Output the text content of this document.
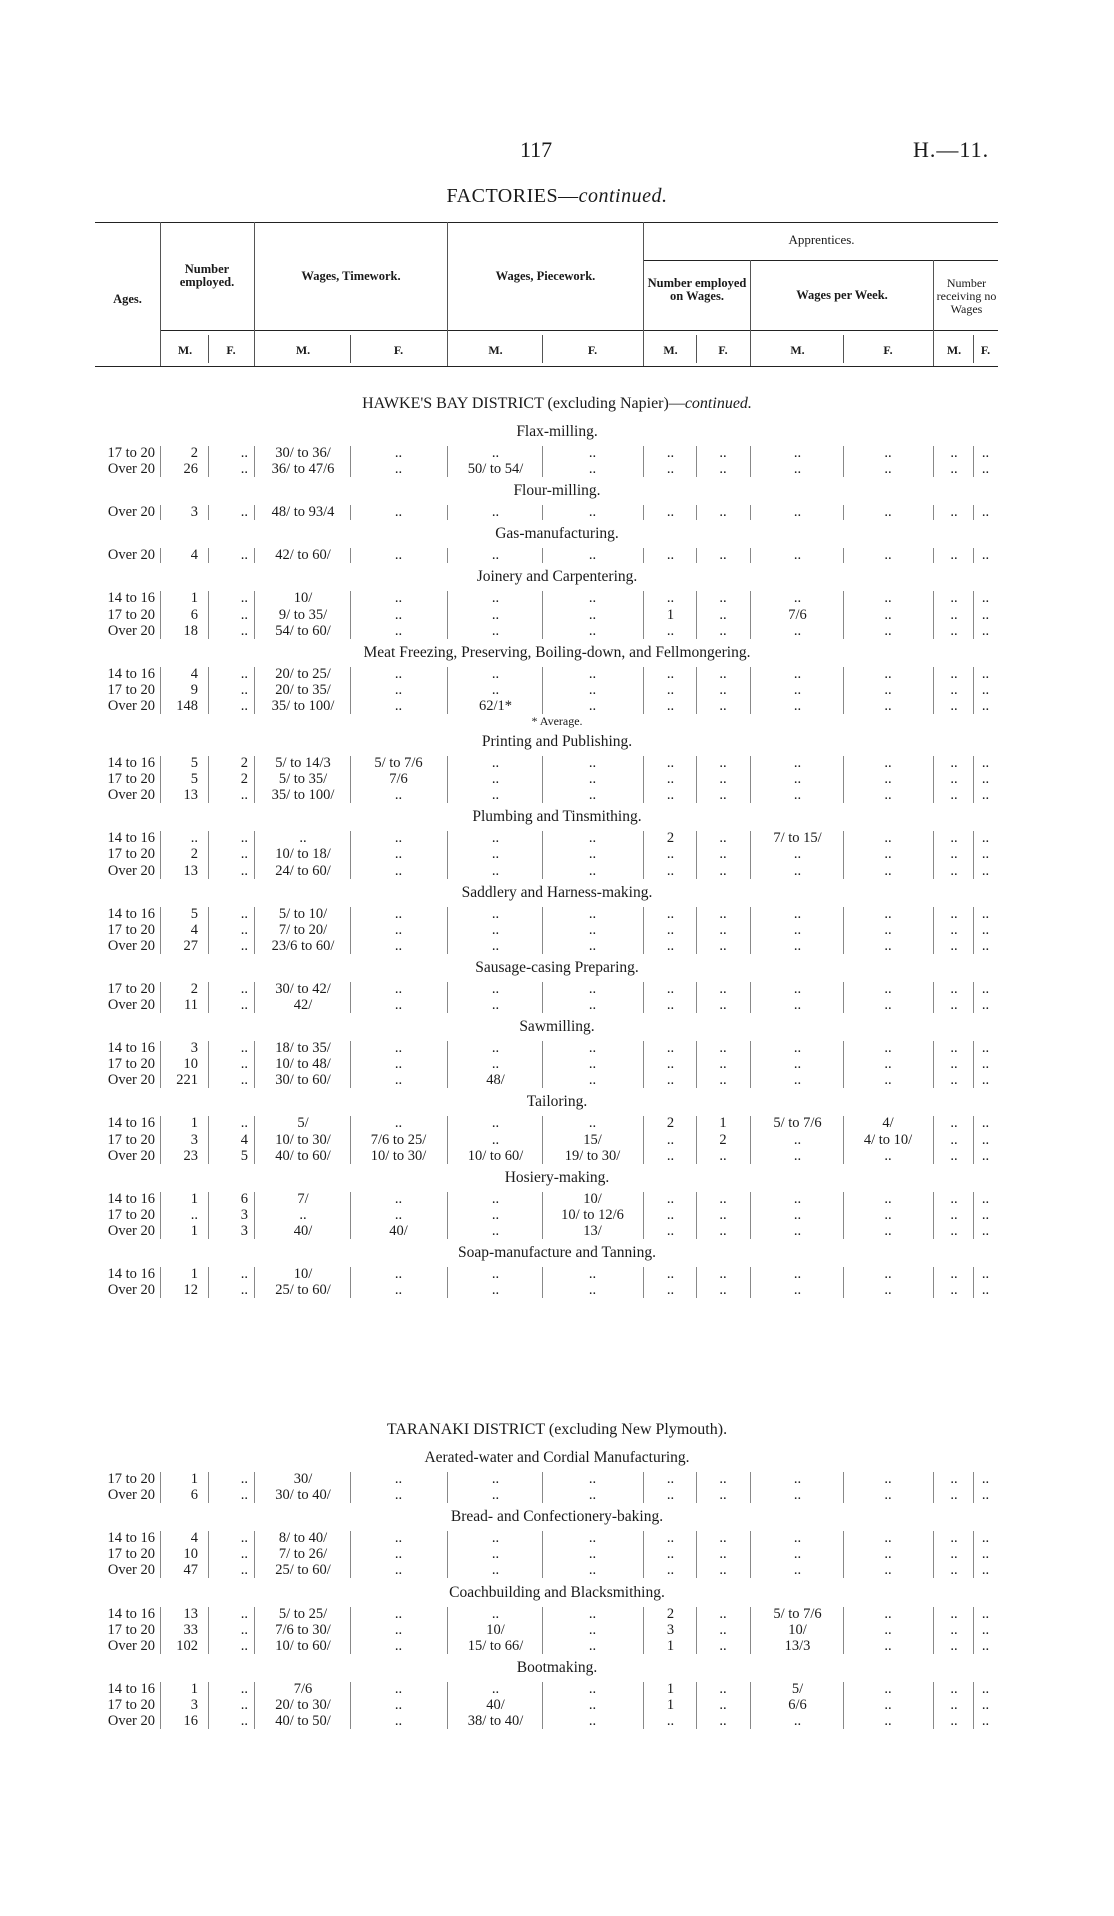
117	H.—11.
FACTORIES—continued.
Ages.
Number employed.	Wages, Timework.	Wages, Piecework.
Apprentices.
Number employed on Wages.	Wages per Week.
Number receiving no Wages
M.	F.	M.	F.	M.	F.	M.	F.	M.	F.	M.	F.
HAWKE'S BAY DISTRICT (excluding Napier)—continued.
Flax-milling.
17 to 20	2	..	30/ to 36/	..	..	..	..	..	..	..	..	..
Over 20	26	..	36/ to 47/6	..	50/ to 54/	..	..	..	..	..	..	..
Flour-milling.
Over 20	3	..	48/ to 93/4	..	..	..	..	..	..	..	..	..
Gas-manufacturing.
Over 20	4	..	42/ to 60/	..	..	..	..	..	..	..	..	..
Joinery and Carpentering.
14 to 16	1	..	10/	..	..	..	..	..	..	..	..	..
17 to 20	6	..	9/ to 35/	..	..	..	1	..	7/6	..	..	..
Over 20	18	..	54/ to 60/	..	..	..	..	..	..	..	..	..
Meat Freezing, Preserving, Boiling-down, and Fellmongering.
14 to 16	4	..	20/ to 25/	..	..	..	..	..	..	..	..	..
17 to 20	9	..	20/ to 35/	..	..	..	..	..	..	..	..	..
Over 20	148	..	35/ to 100/	..	62/1*	..	..	..	..	..	..	..
* Average.
Printing and Publishing.
14 to 16	5	2	5/ to 14/3	5/ to 7/6	..	..	..	..	..	..	..	..
17 to 20	5	2	5/ to 35/	7/6	..	..	..	..	..	..	..	..
Over 20	13	..	35/ to 100/	..	..	..	..	..	..	..	..	..
Plumbing and Tinsmithing.
14 to 16	..	..	..	..	..	..	2	..	7/ to 15/	..	..	..
17 to 20	2	..	10/ to 18/	..	..	..	..	..	..	..	..	..
Over 20	13	..	24/ to 60/	..	..	..	..	..	..	..	..	..
Saddlery and Harness-making.
14 to 16	5	..	5/ to 10/	..	..	..	..	..	..	..	..	..
17 to 20	4	..	7/ to 20/	..	..	..	..	..	..	..	..	..
Over 20	27	..	23/6 to 60/	..	..	..	..	..	..	..	..	..
Sausage-casing Preparing.
17 to 20	2	..	30/ to 42/	..	..	..	..	..	..	..	..	..
Over 20	11	..	42/	..	..	..	..	..	..	..	..	..
Sawmilling.
14 to 16	3	..	18/ to 35/	..	..	..	..	..	..	..	..	..
17 to 20	10	..	10/ to 48/	..	..	..	..	..	..	..	..	..
Over 20	221	..	30/ to 60/	..	48/	..	..	..	..	..	..	..
Tailoring.
14 to 16	1	..	5/	..	..	..	2	1	5/ to 7/6	4/	..	..
17 to 20	3	4	10/ to 30/	7/6 to 25/	..	15/	..	2	..	4/ to 10/	..	..
Over 20	23	5	40/ to 60/	10/ to 30/	10/ to 60/	19/ to 30/	..	..	..	..	..	..
Hosiery-making.
14 to 16	1	6	7/	..	..	10/	..	..	..	..	..	..
17 to 20	..	3	..	..	..	10/ to 12/6	..	..	..	..	..	..
Over 20	1	3	40/	40/	..	13/	..	..	..	..	..	..
Soap-manufacture and Tanning.
14 to 16	1	..	10/	..	..	..	..	..	..	..	..	..
Over 20	12	..	25/ to 60/	..	..	..	..	..	..	..	..	..
TARANAKI DISTRICT (excluding New Plymouth).
Aerated-water and Cordial Manufacturing.
17 to 20	1	..	30/	..	..	..	..	..	..	..	..	..
Over 20	6	..	30/ to 40/	..	..	..	..	..	..	..	..	..
Bread- and Confectionery-baking.
14 to 16	4	..	8/ to 40/	..	..	..	..	..	..	..	..	..
17 to 20	10	..	7/ to 26/	..	..	..	..	..	..	..	..	..
Over 20	47	..	25/ to 60/	..	..	..	..	..	..	..	..	..
Coachbuilding and Blacksmithing.
14 to 16	13	..	5/ to 25/	..	..	..	2	..	5/ to 7/6	..	..	..
17 to 20	33	..	7/6 to 30/	..	10/	..	3	..	10/	..	..	..
Over 20	102	..	10/ to 60/	..	15/ to 66/	..	1	..	13/3	..	..	..
Bootmaking.
14 to 16	1	..	7/6	..	..	..	1	..	5/	..	..	..
17 to 20	3	..	20/ to 30/	..	40/	..	1	..	6/6	..	..	..
Over 20	16	..	40/ to 50/	..	38/ to 40/	..	..	..	..	..	..	..
